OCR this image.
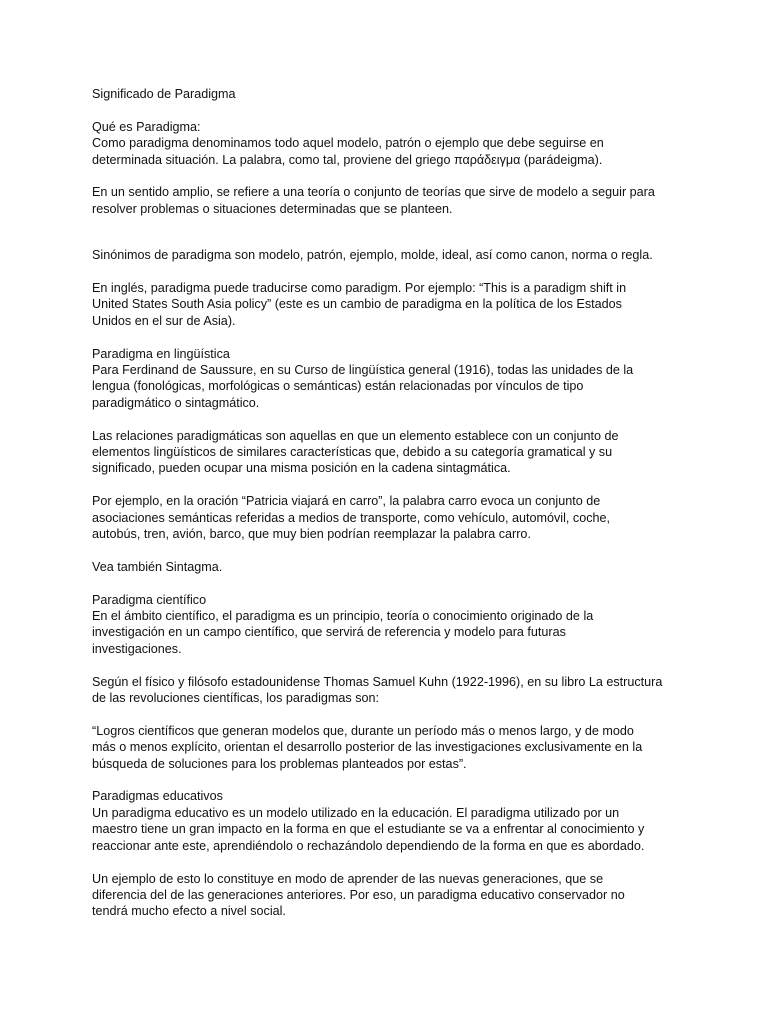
Significado de Paradigma
Qué es Paradigma:
Como paradigma denominamos todo aquel modelo, patrón o ejemplo que debe seguirse en
determinada situación. La palabra, como tal, proviene del griego παράδειγμα (parádeigma).
En un sentido amplio, se refiere a una teoría o conjunto de teorías que sirve de modelo a seguir para
resolver problemas o situaciones determinadas que se planteen.
Sinónimos de paradigma son modelo, patrón, ejemplo, molde, ideal, así como canon, norma o regla.
En inglés, paradigma puede traducirse como paradigm. Por ejemplo: “This is a paradigm shift in
United States South Asia policy” (este es un cambio de paradigma en la política de los Estados
Unidos en el sur de Asia).
Paradigma en lingüística
Para Ferdinand de Saussure, en su Curso de lingüística general (1916), todas las unidades de la
lengua (fonológicas, morfológicas o semánticas) están relacionadas por vínculos de tipo
paradigmático o sintagmático.
Las relaciones paradigmáticas son aquellas en que un elemento establece con un conjunto de
elementos lingüísticos de similares características que, debido a su categoría gramatical y su
significado, pueden ocupar una misma posición en la cadena sintagmática.
Por ejemplo, en la oración “Patricia viajará en carro”, la palabra carro evoca un conjunto de
asociaciones semánticas referidas a medios de transporte, como vehículo, automóvil, coche,
autobús, tren, avión, barco, que muy bien podrían reemplazar la palabra carro.
Vea también Sintagma.
Paradigma científico
En el ámbito científico, el paradigma es un principio, teoría o conocimiento originado de la
investigación en un campo científico, que servirá de referencia y modelo para futuras
investigaciones.
Según el físico y filósofo estadounidense Thomas Samuel Kuhn (1922-1996), en su libro La estructura
de las revoluciones científicas, los paradigmas son:
“Logros científicos que generan modelos que, durante un período más o menos largo, y de modo
más o menos explícito, orientan el desarrollo posterior de las investigaciones exclusivamente en la
búsqueda de soluciones para los problemas planteados por estas”.
Paradigmas educativos
Un paradigma educativo es un modelo utilizado en la educación. El paradigma utilizado por un
maestro tiene un gran impacto en la forma en que el estudiante se va a enfrentar al conocimiento y
reaccionar ante este, aprendiéndolo o rechazándolo dependiendo de la forma en que es abordado.
Un ejemplo de esto lo constituye en modo de aprender de las nuevas generaciones, que se
diferencia del de las generaciones anteriores. Por eso, un paradigma educativo conservador no
tendrá mucho efecto a nivel social.
